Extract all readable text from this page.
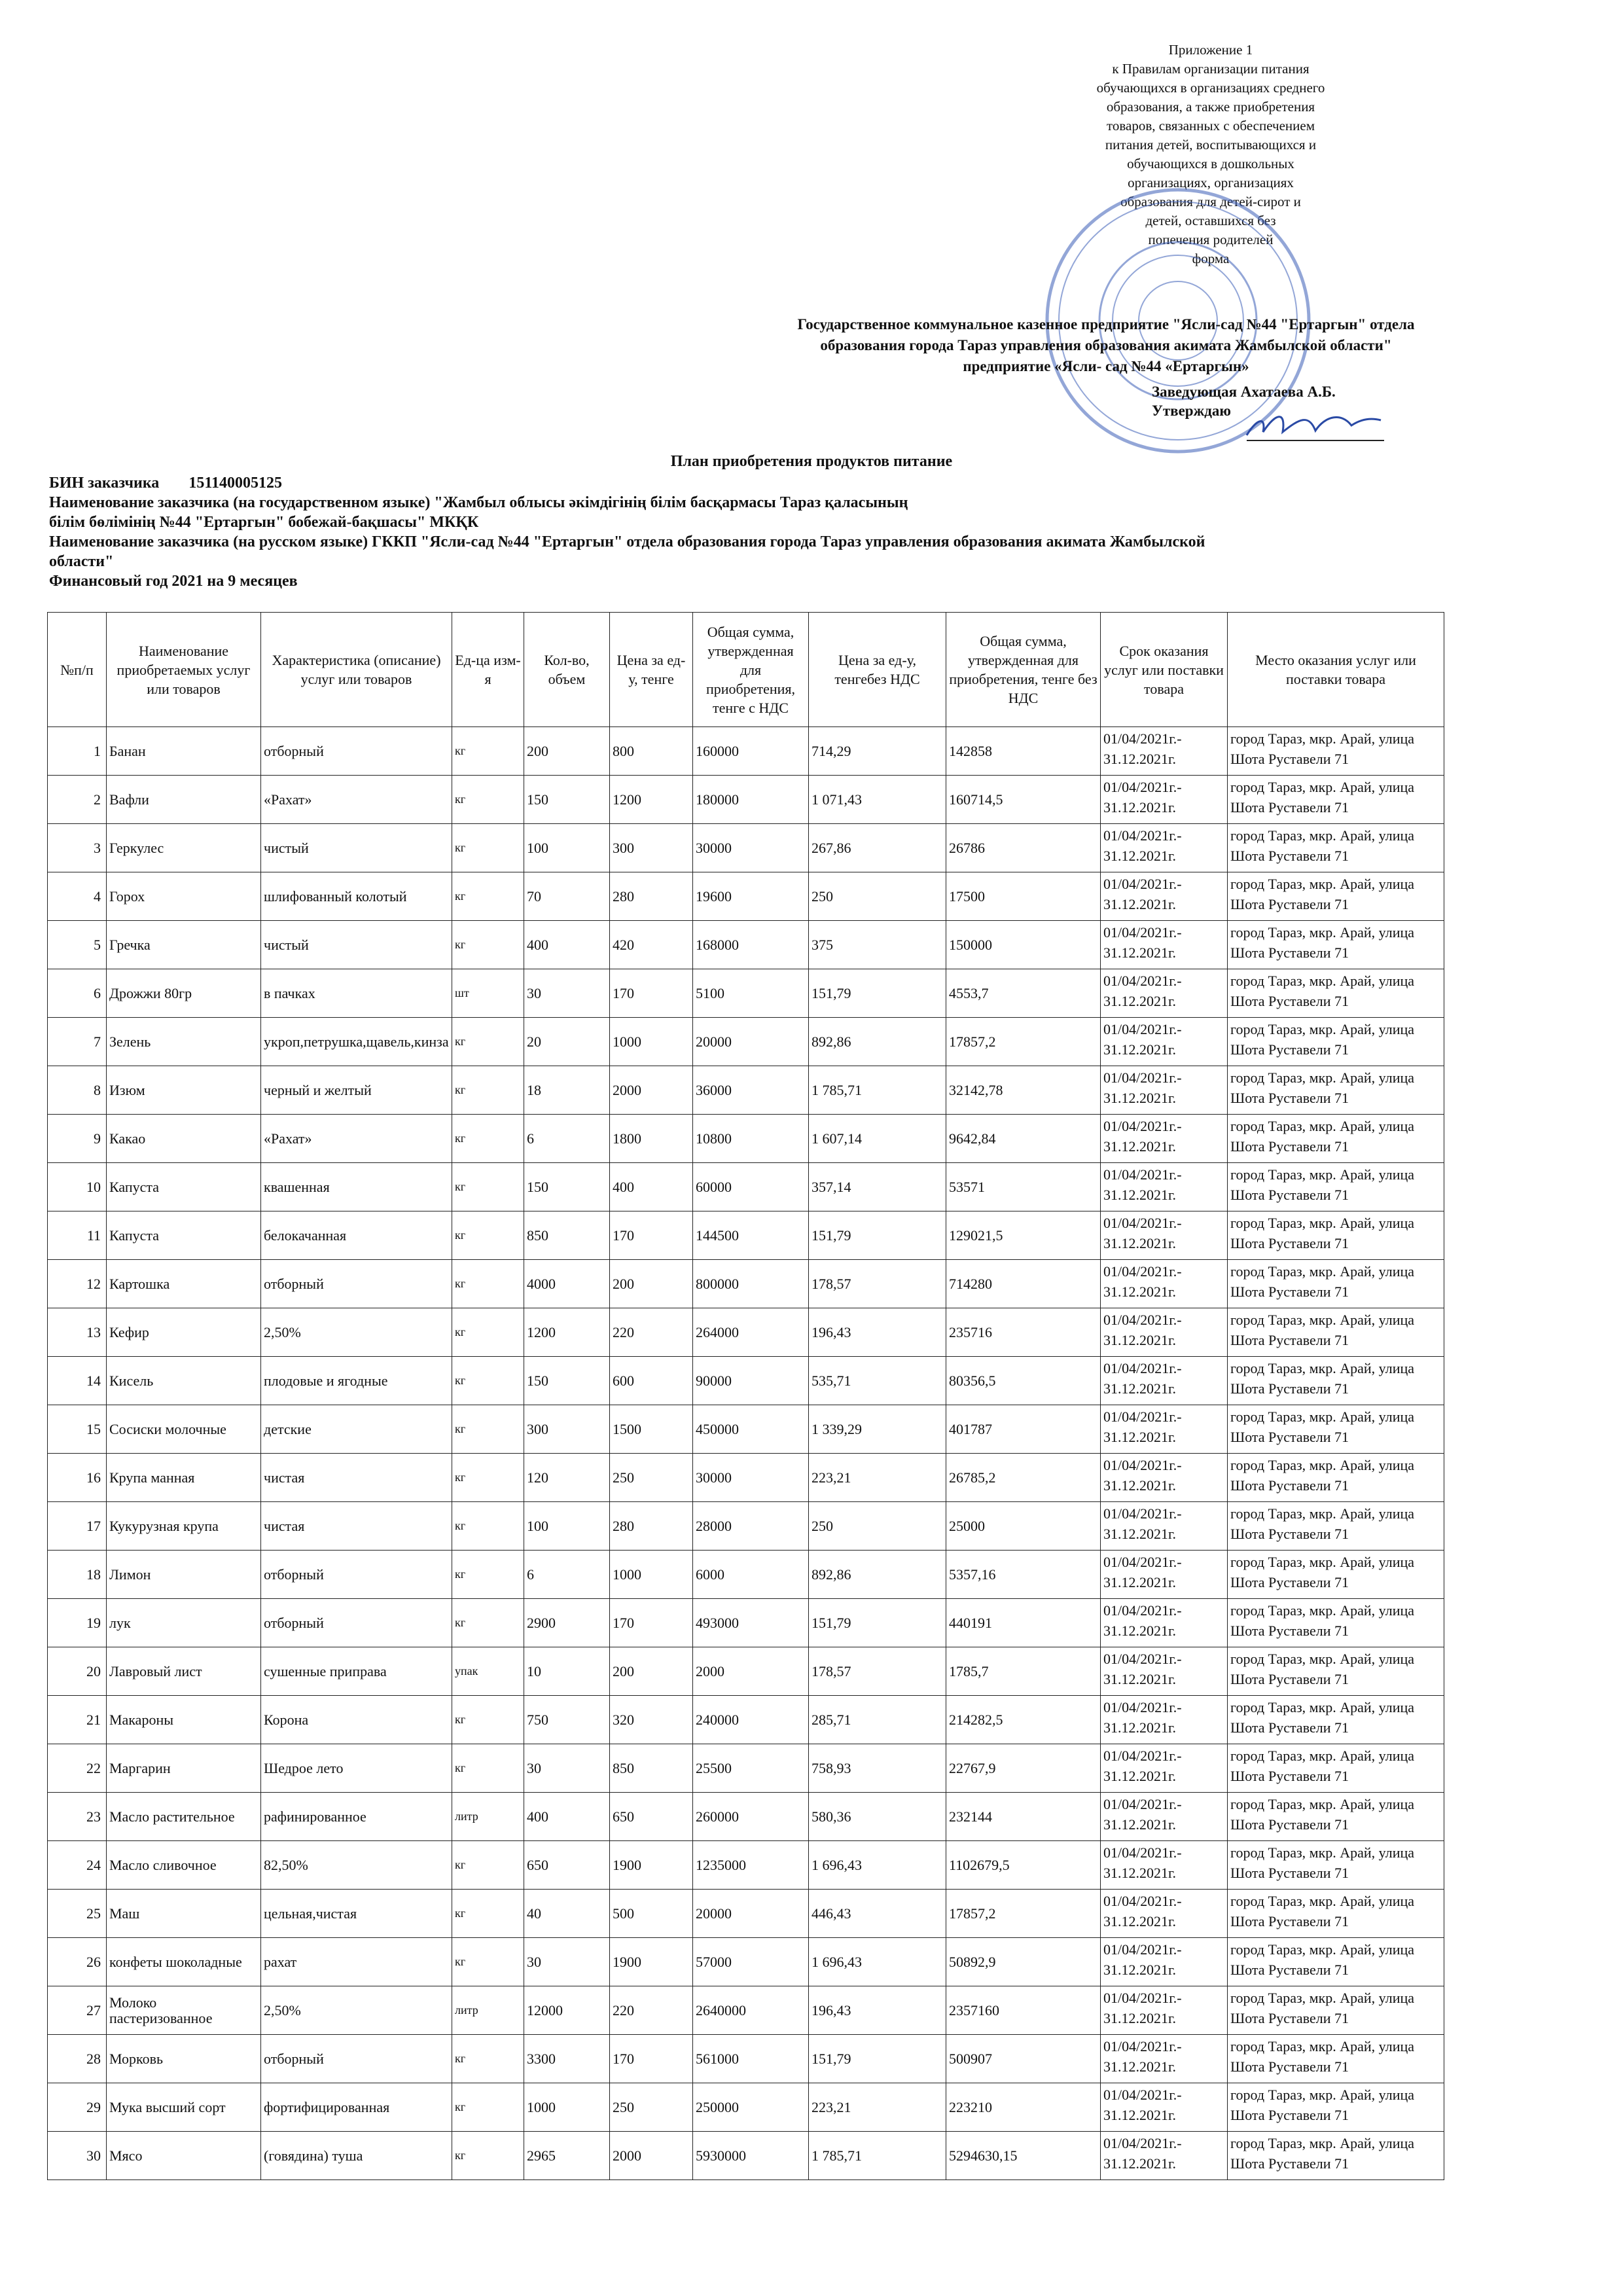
Приложение 1
к Правилам организации питания
обучающихся в организациях среднего
образования, а также приобретения
товаров, связанных с обеспечением
питания детей, воспитывающихся и
обучающихся в дошкольных
организациях, организациях
образования для детей-сирот и
детей, оставшихся без
попечения родителей
форма
Государственное коммунальное казенное предприятие "Ясли-сад №44 "Ертаргын" отдела
образования города Тараз управления образования акимата Жамбылской области"
предприятие «Ясли- сад №44 «Ертаргын»
Заведующая Ахатаева А.Б.
Утверждаю
План приобретения продуктов питание
БИН заказчика 151140005125
Наименование заказчика (на государственном языке) "Жамбыл облысы әкімдігінің білім басқармасы Тараз қаласының
білім бөлімінің №44 "Ертаргын" бобежай-бақшасы" МКҚК
Наименование заказчика (на русском языке) ГККП "Ясли-сад №44 "Ертаргын" отдела образования города Тараз управления образования акимата Жамбылской
области"
Финансовый год 2021 на 9 месяцев
№п/п	Наименование приобретаемых услуг или товаров	Характеристика (описание) услуг или товаров	Ед-ца изм-я	Кол-во, объем	Цена за ед-у, тенге	Общая сумма, утвержденная для приобретения, тенге с НДС	Цена за ед-у, тенгебез НДС	Общая сумма, утвержденная для приобретения, тенге без НДС	Срок оказания услуг или поставки товара	Место оказания услуг или поставки товара
1	Банан	отборный	кг	200	800	160000	714,29	142858	01/04/2021г.- 31.12.2021г.	город Тараз, мкр. Арай, улица Шота Руставели 71
2	Вафли	«Рахат»	кг	150	1200	180000	1 071,43	160714,5	01/04/2021г.- 31.12.2021г.	город Тараз, мкр. Арай, улица Шота Руставели 71
3	Геркулес	чистый	кг	100	300	30000	267,86	26786	01/04/2021г.- 31.12.2021г.	город Тараз, мкр. Арай, улица Шота Руставели 71
4	Горох	шлифованный колотый	кг	70	280	19600	250	17500	01/04/2021г.- 31.12.2021г.	город Тараз, мкр. Арай, улица Шота Руставели 71
5	Гречка	чистый	кг	400	420	168000	375	150000	01/04/2021г.- 31.12.2021г.	город Тараз, мкр. Арай, улица Шота Руставели 71
6	Дрожжи 80гр	в пачках	шт	30	170	5100	151,79	4553,7	01/04/2021г.- 31.12.2021г.	город Тараз, мкр. Арай, улица Шота Руставели 71
7	Зелень	укроп,петрушка,щавель,кинза	кг	20	1000	20000	892,86	17857,2	01/04/2021г.- 31.12.2021г.	город Тараз, мкр. Арай, улица Шота Руставели 71
8	Изюм	черный и желтый	кг	18	2000	36000	1 785,71	32142,78	01/04/2021г.- 31.12.2021г.	город Тараз, мкр. Арай, улица Шота Руставели 71
9	Какао	«Рахат»	кг	6	1800	10800	1 607,14	9642,84	01/04/2021г.- 31.12.2021г.	город Тараз, мкр. Арай, улица Шота Руставели 71
10	Капуста	квашенная	кг	150	400	60000	357,14	53571	01/04/2021г.- 31.12.2021г.	город Тараз, мкр. Арай, улица Шота Руставели 71
11	Капуста	белокачанная	кг	850	170	144500	151,79	129021,5	01/04/2021г.- 31.12.2021г.	город Тараз, мкр. Арай, улица Шота Руставели 71
12	Картошка	отборный	кг	4000	200	800000	178,57	714280	01/04/2021г.- 31.12.2021г.	город Тараз, мкр. Арай, улица Шота Руставели 71
13	Кефир	2,50%	кг	1200	220	264000	196,43	235716	01/04/2021г.- 31.12.2021г.	город Тараз, мкр. Арай, улица Шота Руставели 71
14	Кисель	плодовые и ягодные	кг	150	600	90000	535,71	80356,5	01/04/2021г.- 31.12.2021г.	город Тараз, мкр. Арай, улица Шота Руставели 71
15	Сосиски молочные	детские	кг	300	1500	450000	1 339,29	401787	01/04/2021г.- 31.12.2021г.	город Тараз, мкр. Арай, улица Шота Руставели 71
16	Крупа манная	чистая	кг	120	250	30000	223,21	26785,2	01/04/2021г.- 31.12.2021г.	город Тараз, мкр. Арай, улица Шота Руставели 71
17	Кукурузная крупа	чистая	кг	100	280	28000	250	25000	01/04/2021г.- 31.12.2021г.	город Тараз, мкр. Арай, улица Шота Руставели 71
18	Лимон	отборный	кг	6	1000	6000	892,86	5357,16	01/04/2021г.- 31.12.2021г.	город Тараз, мкр. Арай, улица Шота Руставели 71
19	лук	отборный	кг	2900	170	493000	151,79	440191	01/04/2021г.- 31.12.2021г.	город Тараз, мкр. Арай, улица Шота Руставели 71
20	Лавровый лист	сушенные приправа	упак	10	200	2000	178,57	1785,7	01/04/2021г.- 31.12.2021г.	город Тараз, мкр. Арай, улица Шота Руставели 71
21	Макароны	Корона	кг	750	320	240000	285,71	214282,5	01/04/2021г.- 31.12.2021г.	город Тараз, мкр. Арай, улица Шота Руставели 71
22	Маргарин	Шедрое лето	кг	30	850	25500	758,93	22767,9	01/04/2021г.- 31.12.2021г.	город Тараз, мкр. Арай, улица Шота Руставели 71
23	Масло растительное	рафинированное	литр	400	650	260000	580,36	232144	01/04/2021г.- 31.12.2021г.	город Тараз, мкр. Арай, улица Шота Руставели 71
24	Масло сливочное	82,50%	кг	650	1900	1235000	1 696,43	1102679,5	01/04/2021г.- 31.12.2021г.	город Тараз, мкр. Арай, улица Шота Руставели 71
25	Маш	цельная,чистая	кг	40	500	20000	446,43	17857,2	01/04/2021г.- 31.12.2021г.	город Тараз, мкр. Арай, улица Шота Руставели 71
26	конфеты шоколадные	рахат	кг	30	1900	57000	1 696,43	50892,9	01/04/2021г.- 31.12.2021г.	город Тараз, мкр. Арай, улица Шота Руставели 71
27	Молоко пастеризованное	2,50%	литр	12000	220	2640000	196,43	2357160	01/04/2021г.- 31.12.2021г.	город Тараз, мкр. Арай, улица Шота Руставели 71
28	Морковь	отборный	кг	3300	170	561000	151,79	500907	01/04/2021г.- 31.12.2021г.	город Тараз, мкр. Арай, улица Шота Руставели 71
29	Мука высший сорт	фортифицированная	кг	1000	250	250000	223,21	223210	01/04/2021г.- 31.12.2021г.	город Тараз, мкр. Арай, улица Шота Руставели 71
30	Мясо	(говядина) туша	кг	2965	2000	5930000	1 785,71	5294630,15	01/04/2021г.- 31.12.2021г.	город Тараз, мкр. Арай, улица Шота Руставели 71
